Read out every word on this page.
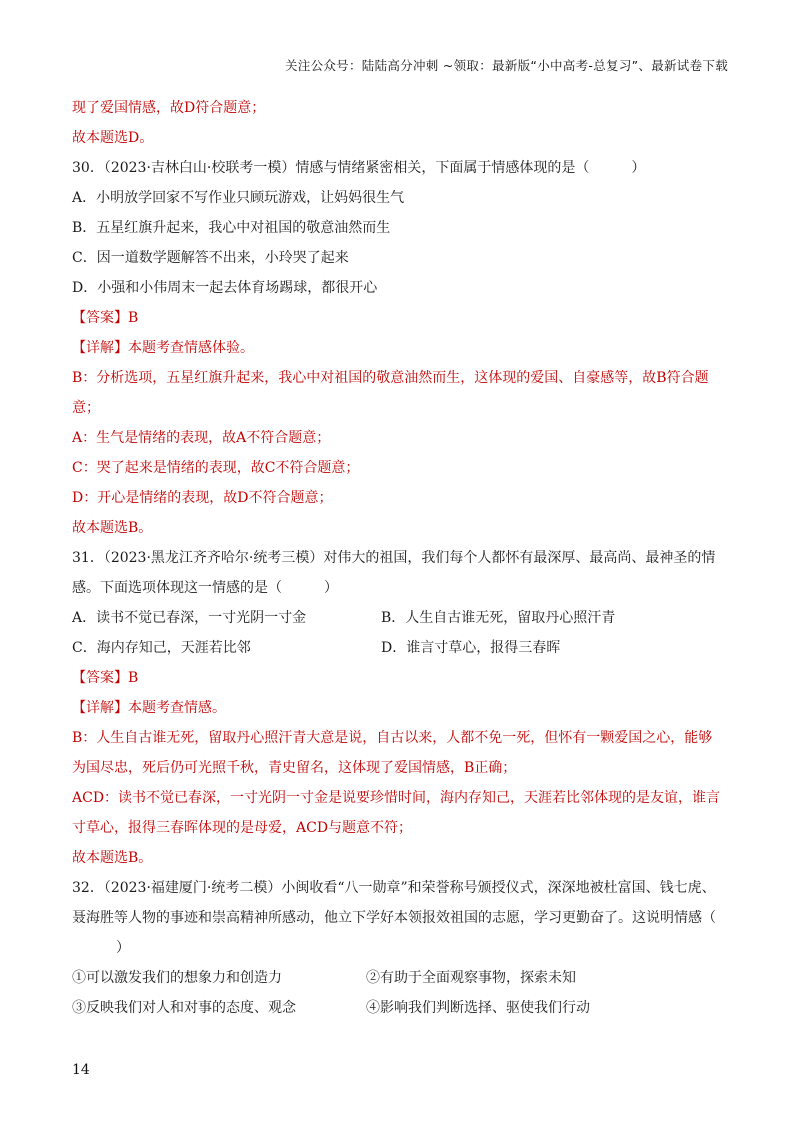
关注公众号：陆陆高分冲刺 ~领取：最新版“小中高考-总复习”、最新试卷下载
现了爱国情感，故D符合题意；
故本题选D。
30．（2023·吉林白山·校联考一模）情感与情绪紧密相关，下面属于情感体现的是（　　　）
A．小明放学回家不写作业只顾玩游戏，让妈妈很生气
B．五星红旗升起来，我心中对祖国的敬意油然而生
C．因一道数学题解答不出来，小玲哭了起来
D．小强和小伟周末一起去体育场踢球，都很开心
【答案】B
【详解】本题考查情感体验。
B：分析选项，五星红旗升起来，我心中对祖国的敬意油然而生，这体现的爱国、自豪感等，故B符合题
意；
A：生气是情绪的表现，故A不符合题意；
C：哭了起来是情绪的表现，故C不符合题意；
D：开心是情绪的表现，故D不符合题意；
故本题选B。
31．（2023·黑龙江齐齐哈尔·统考三模）对伟大的祖国，我们每个人都怀有最深厚、最高尚、最神圣的情
感。下面选项体现这一情感的是（　　　）
A．读书不觉已春深，一寸光阴一寸金	B．人生自古谁无死，留取丹心照汗青
C．海内存知己，天涯若比邻	D．谁言寸草心，报得三春晖
【答案】B
【详解】本题考查情感。
B：人生自古谁无死，留取丹心照汗青大意是说，自古以来，人都不免一死，但怀有一颗爱国之心，能够
为国尽忠，死后仍可光照千秋，青史留名，这体现了爱国情感，B正确；
ACD：读书不觉已春深，一寸光阴一寸金是说要珍惜时间，海内存知己，天涯若比邻体现的是友谊，谁言
寸草心，报得三春晖体现的是母爱，ACD与题意不符；
故本题选B。
32．（2023·福建厦门·统考二模）小闽收看“八一勋章”和荣誉称号颁授仪式，深深地被杜富国、钱七虎、
聂海胜等人物的事迹和崇高精神所感动，他立下学好本领报效祖国的志愿，学习更勤奋了。这说明情感（
）
①可以激发我们的想象力和创造力	②有助于全面观察事物，探索未知
③反映我们对人和对事的态度、观念	④影响我们判断选择、驱使我们行动
14
